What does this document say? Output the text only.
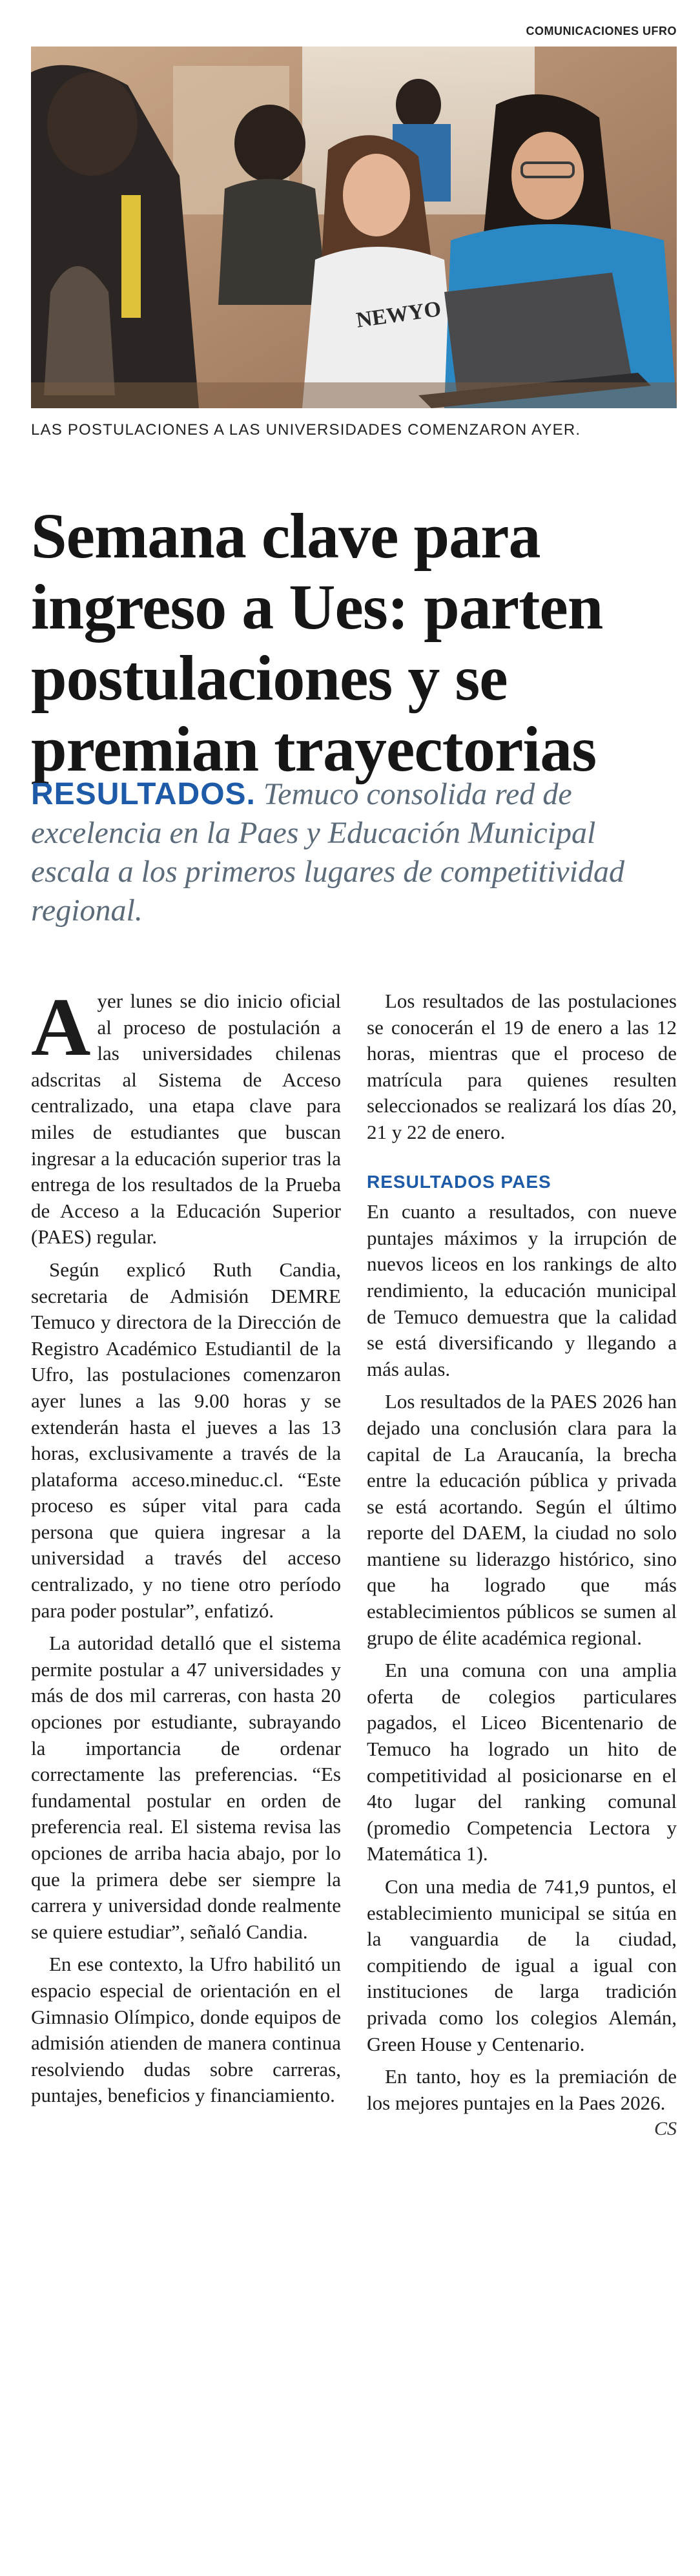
COMUNICACIONES UFRO
NEWYO
LAS POSTULACIONES A LAS UNIVERSIDADES COMENZARON AYER.
Semana clave para ingreso a Ues: parten postulaciones y se premian trayectorias
RESULTADOS. Temuco consolida red de excelencia en la Paes y Educación Municipal escala a los primeros lugares de competitividad regional.

Ayer lunes se dio inicio oficial al proceso de postulación a las universidades chilenas adscritas al Sistema de Acceso centralizado, una etapa clave para miles de estudiantes que buscan ingresar a la educación superior tras la entrega de los resultados de la Prueba de Acceso a la Educación Superior (PAES) regular.

Según explicó Ruth Candia, secretaria de Admisión DEMRE Temuco y directora de la Dirección de Registro Académico Estudiantil de la Ufro, las postulaciones comenzaron ayer lunes a las 9.00 horas y se extenderán hasta el jueves a las 13 horas, exclusivamente a través de la plataforma acceso.mineduc.cl. “Este proceso es súper vital para cada persona que quiera ingresar a la universidad a través del acceso centralizado, y no tiene otro período para poder postular”, enfatizó.

La autoridad detalló que el sistema permite postular a 47 universidades y más de dos mil carreras, con hasta 20 opciones por estudiante, subrayando la importancia de ordenar correctamente las preferencias. “Es fundamental postular en orden de preferencia real. El sistema revisa las opciones de arriba hacia abajo, por lo que la primera debe ser siempre la carrera y universidad donde realmente se quiere estudiar”, señaló Candia.

En ese contexto, la Ufro habilitó un espacio especial de orientación en el Gimnasio Olímpico, donde equipos de admisión atienden de manera continua resolviendo dudas sobre carreras, puntajes, beneficios y financiamiento.

Los resultados de las postulaciones se conocerán el 19 de enero a las 12 horas, mientras que el proceso de matrícula para quienes resulten seleccionados se realizará los días 20, 21 y 22 de enero.

RESULTADOS PAES

En cuanto a resultados, con nueve puntajes máximos y la irrupción de nuevos liceos en los rankings de alto rendimiento, la educación municipal de Temuco demuestra que la calidad se está diversificando y llegando a más aulas.

Los resultados de la PAES 2026 han dejado una conclusión clara para la capital de La Araucanía, la brecha entre la educación pública y privada se está acortando. Según el último reporte del DAEM, la ciudad no solo mantiene su liderazgo histórico, sino que ha logrado que más establecimientos públicos se sumen al grupo de élite académica regional.

En una comuna con una amplia oferta de colegios particulares pagados, el Liceo Bicentenario de Temuco ha logrado un hito de competitividad al posicionarse en el 4to lugar del ranking comunal (promedio Competencia Lectora y Matemática 1).

Con una media de 741,9 puntos, el establecimiento municipal se sitúa en la vanguardia de la ciudad, compitiendo de igual a igual con instituciones de larga tradición privada como los colegios Alemán, Green House y Centenario.

En tanto, hoy es la premiación de los mejores puntajes en la Paes 2026.
CS
